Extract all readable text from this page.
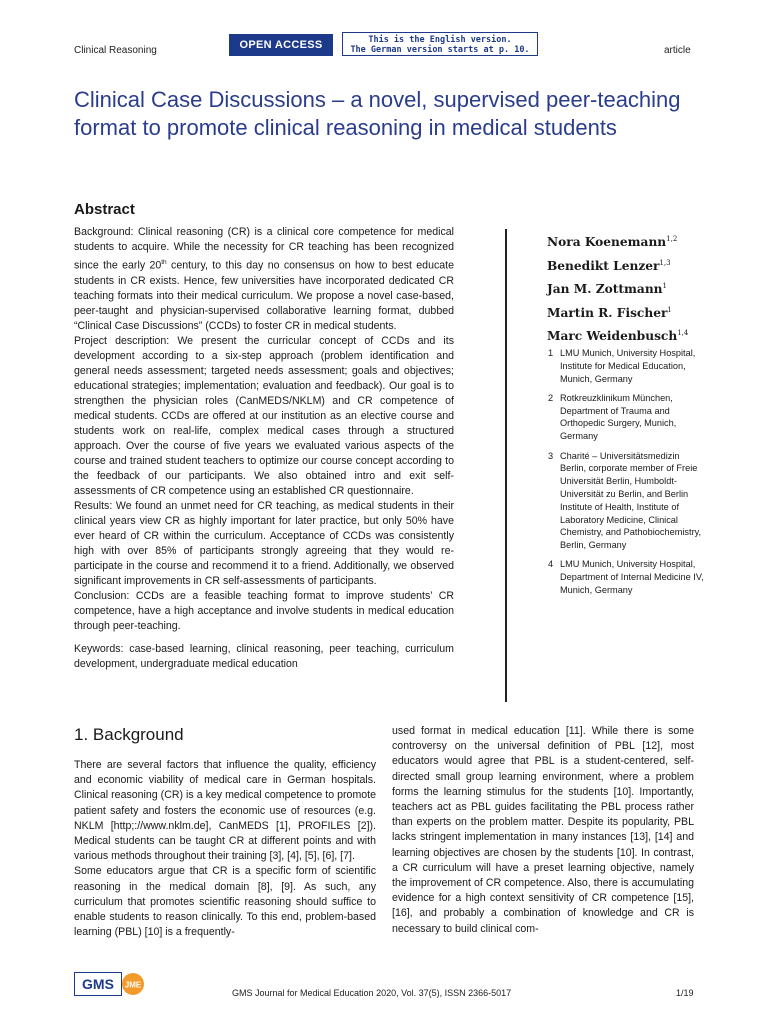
Clinical Reasoning	OPEN ACCESS	This is the English version.
The German version starts at p. 10.	article
Clinical Case Discussions – a novel, supervised peer-teaching format to promote clinical reasoning in medical students
Abstract

Background: Clinical reasoning (CR) is a clinical core competence for medical students to acquire. While the necessity for CR teaching has been recognized since the early 20th century, to this day no consensus on how to best educate students in CR exists. Hence, few universities have incorporated dedicated CR teaching formats into their medical curriculum. We propose a novel case-based, peer-taught and physician-supervised collaborative learning format, dubbed “Clinical Case Discussions” (CCDs) to foster CR in medical students.

Project description: We present the curricular concept of CCDs and its development according to a six-step approach (problem identification and general needs assessment; targeted needs assessment; goals and objectives; educational strategies; implementation; evaluation and feedback). Our goal is to strengthen the physician roles (CanMEDS/NKLM) and CR competence of medical students. CCDs are offered at our institution as an elective course and students work on real-life, complex medical cases through a structured approach. Over the course of five years we evaluated various aspects of the course and trained student teachers to optimize our course concept according to the feedback of our participants. We also obtained intro and exit self-assessments of CR competence using an established CR questionnaire.

Results: We found an unmet need for CR teaching, as medical students in their clinical years view CR as highly important for later practice, but only 50% have ever heard of CR within the curriculum. Acceptance of CCDs was consistently high with over 85% of participants strongly agreeing that they would re-participate in the course and recommend it to a friend. Additionally, we observed significant improvements in CR self-assessments of participants.

Conclusion: CCDs are a feasible teaching format to improve students’ CR competence, have a high acceptance and involve students in medical education through peer-teaching.

Keywords: case-based learning, clinical reasoning, peer teaching, curriculum development, undergraduate medical education

Nora Koenemann$^{1,2}$
Benedikt Lenzer$^{1,3}$
Jan M. Zottmann$^1$
Martin R. Fischer$^1$
Marc Weidenbusch$^{1,4}$
1 LMU Munich, University Hospital, Institute for Medical Education, Munich, Germany
2 Rotkreuzklinikum München, Department of Trauma and Orthopedic Surgery, Munich, Germany
3 Charité – Universitätsmedizin Berlin, corporate member of Freie Universität Berlin, Humboldt-Universität zu Berlin, and Berlin Institute of Health, Institute of Laboratory Medicine, Clinical Chemistry, and Pathobiochemistry, Berlin, Germany
4 LMU Munich, University Hospital, Department of Internal Medicine IV, Munich, Germany
1. Background

There are several factors that influence the quality, efficiency and economic viability of medical care in German hospitals. Clinical reasoning (CR) is a key medical competence to promote patient safety and fosters the economic use of resources (e.g. NKLM [http;://www.nklm.de], CanMEDS [1], PROFILES [2]). Medical students can be taught CR at different points and with various methods throughout their training [3], [4], [5], [6], [7].

Some educators argue that CR is a specific form of scientific reasoning in the medical domain [8], [9]. As such, any curriculum that promotes scientific reasoning should suffice to enable students to reason clinically. To this end, problem-based learning (PBL) [10] is a frequently-

used format in medical education [11]. While there is some controversy on the universal definition of PBL [12], most educators would agree that PBL is a student-centered, self-directed small group learning environment, where a problem forms the learning stimulus for the students [10]. Importantly, teachers act as PBL guides facilitating the PBL process rather than experts on the problem matter. Despite its popularity, PBL lacks stringent implementation in many instances [13], [14] and learning objectives are chosen by the students [10]. In contrast, a CR curriculum will have a preset learning objective, namely the improvement of CR competence. Also, there is accumulating evidence for a high context sensitivity of CR competence [15], [16], and probably a combination of knowledge and CR is necessary to build clinical com-

GMS JME
GMS Journal for Medical Education 2020, Vol. 37(5), ISSN 2366-5017	1/19
